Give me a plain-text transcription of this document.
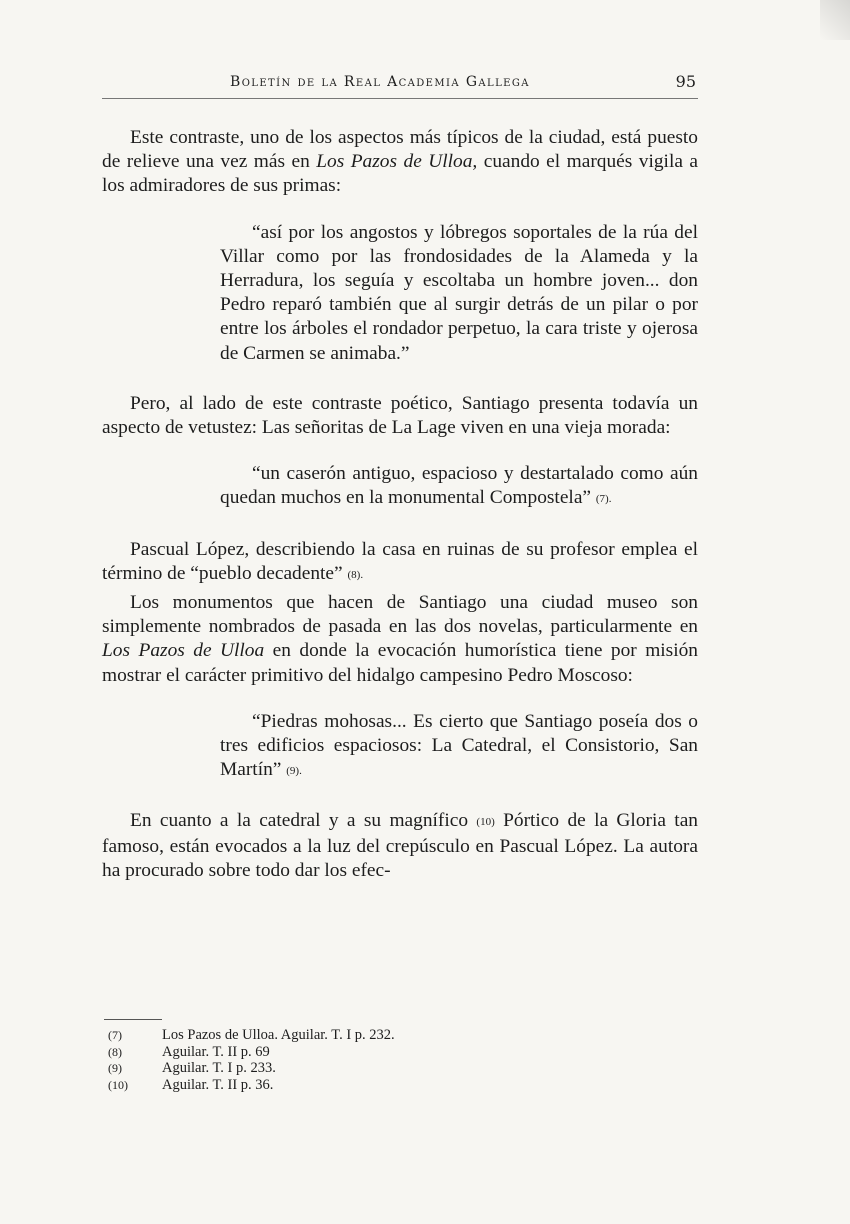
Boletín de la Real Academia Gallega	95

Este contraste, uno de los aspectos más típicos de la ciudad, está puesto de relieve una vez más en Los Pazos de Ulloa, cuando el marqués vigila a los admiradores de sus primas:

“así por los angostos y lóbregos soportales de la rúa del Villar como por las frondosidades de la Alameda y la Herradura, los seguía y escoltaba un hombre joven... don Pedro reparó también que al surgir detrás de un pilar o por entre los árboles el rondador perpetuo, la cara triste y ojerosa de Carmen se animaba.”

Pero, al lado de este contraste poético, Santiago presenta todavía un aspecto de vetustez: Las señoritas de La Lage viven en una vieja morada:

“un caserón antiguo, espacioso y destartalado como aún quedan muchos en la monumental Compostela” $^{(7).}$

Pascual López, describiendo la casa en ruinas de su profesor emplea el término de “pueblo decadente” $^{(8).}$

Los monumentos que hacen de Santiago una ciudad museo son simplemente nombrados de pasada en las dos novelas, particularmente en Los Pazos de Ulloa en donde la evocación humorística tiene por misión mostrar el carácter primitivo del hidalgo campesino Pedro Moscoso:

“Piedras mohosas... Es cierto que Santiago poseía dos o tres edificios espaciosos: La Catedral, el Consistorio, San Martín” $^{(9).}$

En cuanto a la catedral y a su magnífico $^{(10)}$ Pórtico de la Gloria tan famoso, están evocados a la luz del crepúsculo en Pascual López. La autora ha procurado sobre todo dar los efec-

(7)	Los Pazos de Ulloa. Aguilar. T. I p. 232.
(8)	Aguilar. T. II p. 69
(9)	Aguilar. T. I p. 233.
(10)	Aguilar. T. II p. 36.
